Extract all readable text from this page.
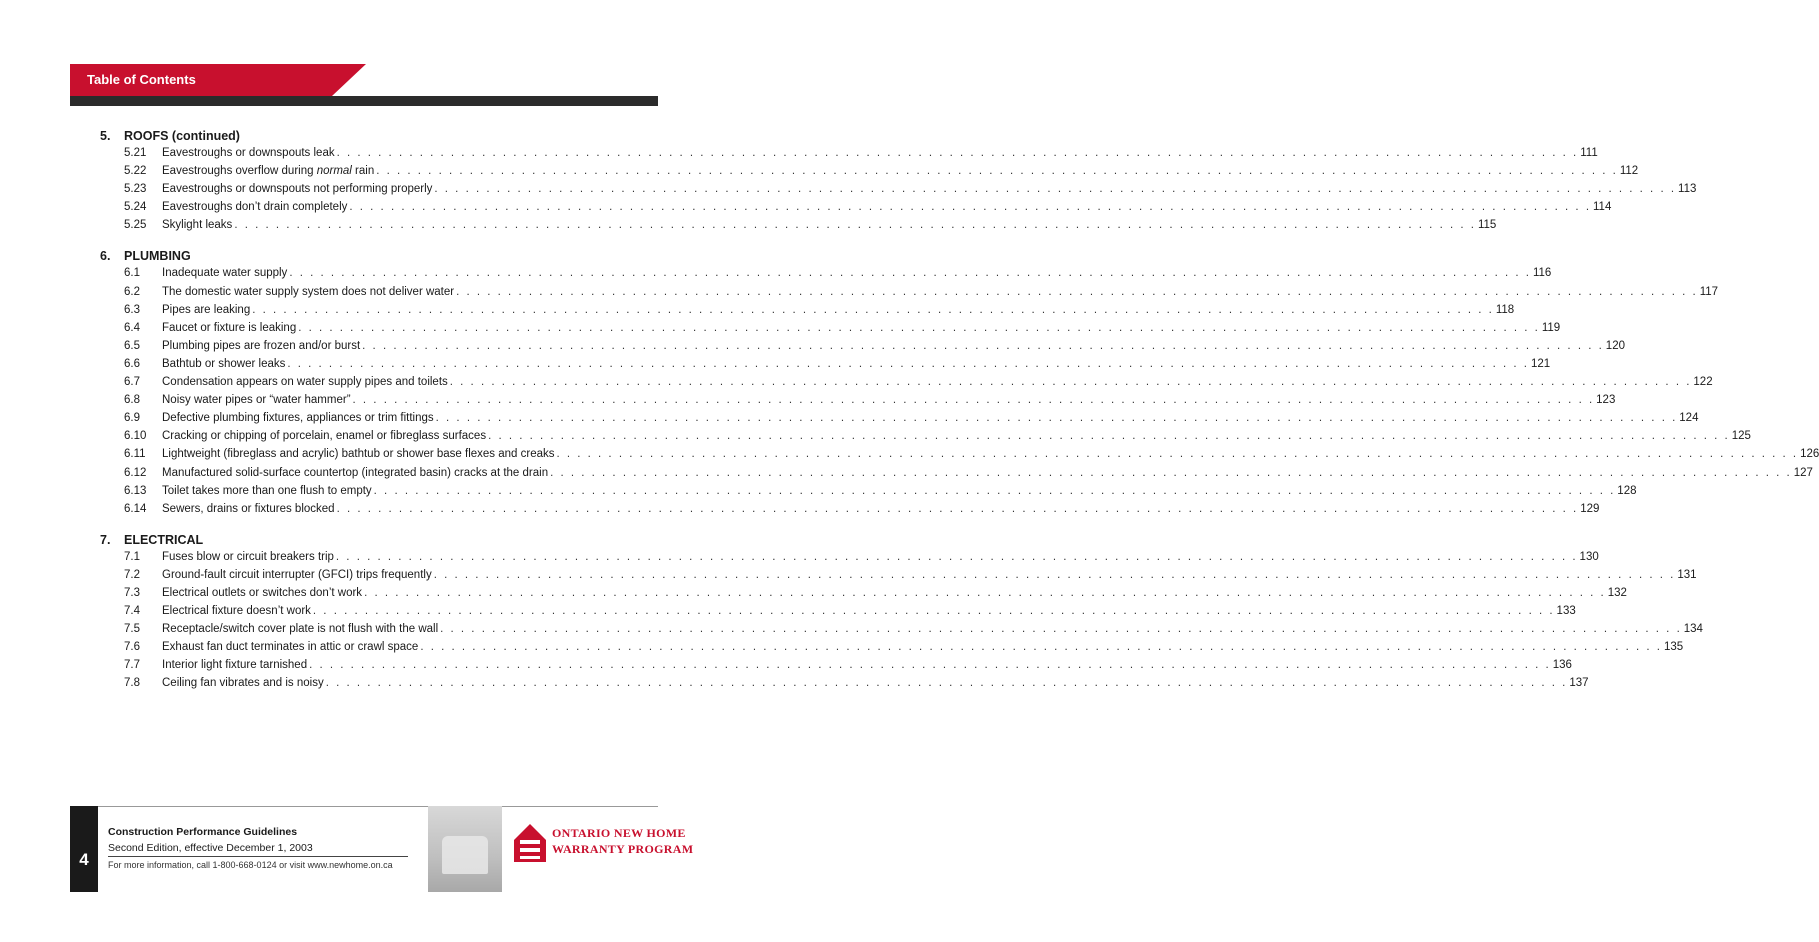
Table of Contents
5.	ROOFS (continued)
5.21	Eavestroughs or downspouts leak . . . . . . . . . . . . . . . . . . . . . . . . . . . . . . . . . . . . . . . . . . . . . . . . . . . . . . . . . . . . . . . . . . . . . . . . . . . . . . . . . . . . . . . . . . . . . . . . . . . . . . . . . . . . . . . . . . . . . . . . 111
5.22	Eavestroughs overflow during normal rain . . . . . . . . . . . . . . . . . . . . . . . . . . . . . . . . . . . . . . . . . . . . . . . . . . . . . . . . . . . . . . . . . . . . . . . . . . . . . . . . . . . . . . . . . . . . . . . . . . . . . . . . . . . . . . . . . . . . . . . . 112
5.23	Eavestroughs or downspouts not performing properly . . . . . . . . . . . . . . . . . . . . . . . . . . . . . . . . . . . . . . . . . . . . . . . . . . . . . . . . . . . . . . . . . . . . . . . . . . . . . . . . . . . . . . . . . . . . . . . . . . . . . . . . . . . . . . . . . . . . . . . . 113
5.24	Eavestroughs don’t drain completely . . . . . . . . . . . . . . . . . . . . . . . . . . . . . . . . . . . . . . . . . . . . . . . . . . . . . . . . . . . . . . . . . . . . . . . . . . . . . . . . . . . . . . . . . . . . . . . . . . . . . . . . . . . . . . . . . . . . . . . . 114
5.25	Skylight leaks . . . . . . . . . . . . . . . . . . . . . . . . . . . . . . . . . . . . . . . . . . . . . . . . . . . . . . . . . . . . . . . . . . . . . . . . . . . . . . . . . . . . . . . . . . . . . . . . . . . . . . . . . . . . . . . . . . . . . . . . 115
6.	PLUMBING
6.1	Inadequate water supply . . . . . . . . . . . . . . . . . . . . . . . . . . . . . . . . . . . . . . . . . . . . . . . . . . . . . . . . . . . . . . . . . . . . . . . . . . . . . . . . . . . . . . . . . . . . . . . . . . . . . . . . . . . . . . . . . . . . . . . . 116
6.2	The domestic water supply system does not deliver water . . . . . . . . . . . . . . . . . . . . . . . . . . . . . . . . . . . . . . . . . . . . . . . . . . . . . . . . . . . . . . . . . . . . . . . . . . . . . . . . . . . . . . . . . . . . . . . . . . . . . . . . . . . . . . . . . . . . . . . . 117
6.3	Pipes are leaking . . . . . . . . . . . . . . . . . . . . . . . . . . . . . . . . . . . . . . . . . . . . . . . . . . . . . . . . . . . . . . . . . . . . . . . . . . . . . . . . . . . . . . . . . . . . . . . . . . . . . . . . . . . . . . . . . . . . . . . . 118
6.4	Faucet or fixture is leaking . . . . . . . . . . . . . . . . . . . . . . . . . . . . . . . . . . . . . . . . . . . . . . . . . . . . . . . . . . . . . . . . . . . . . . . . . . . . . . . . . . . . . . . . . . . . . . . . . . . . . . . . . . . . . . . . . . . . . . . . 119
6.5	Plumbing pipes are frozen and/or burst . . . . . . . . . . . . . . . . . . . . . . . . . . . . . . . . . . . . . . . . . . . . . . . . . . . . . . . . . . . . . . . . . . . . . . . . . . . . . . . . . . . . . . . . . . . . . . . . . . . . . . . . . . . . . . . . . . . . . . . . 120
6.6	Bathtub or shower leaks . . . . . . . . . . . . . . . . . . . . . . . . . . . . . . . . . . . . . . . . . . . . . . . . . . . . . . . . . . . . . . . . . . . . . . . . . . . . . . . . . . . . . . . . . . . . . . . . . . . . . . . . . . . . . . . . . . . . . . . . 121
6.7	Condensation appears on water supply pipes and toilets . . . . . . . . . . . . . . . . . . . . . . . . . . . . . . . . . . . . . . . . . . . . . . . . . . . . . . . . . . . . . . . . . . . . . . . . . . . . . . . . . . . . . . . . . . . . . . . . . . . . . . . . . . . . . . . . . . . . . . . . 122
6.8	Noisy water pipes or “water hammer” . . . . . . . . . . . . . . . . . . . . . . . . . . . . . . . . . . . . . . . . . . . . . . . . . . . . . . . . . . . . . . . . . . . . . . . . . . . . . . . . . . . . . . . . . . . . . . . . . . . . . . . . . . . . . . . . . . . . . . . . 123
6.9	Defective plumbing fixtures, appliances or trim fittings . . . . . . . . . . . . . . . . . . . . . . . . . . . . . . . . . . . . . . . . . . . . . . . . . . . . . . . . . . . . . . . . . . . . . . . . . . . . . . . . . . . . . . . . . . . . . . . . . . . . . . . . . . . . . . . . . . . . . . . . 124
6.10	Cracking or chipping of porcelain, enamel or fibreglass surfaces . . . . . . . . . . . . . . . . . . . . . . . . . . . . . . . . . . . . . . . . . . . . . . . . . . . . . . . . . . . . . . . . . . . . . . . . . . . . . . . . . . . . . . . . . . . . . . . . . . . . . . . . . . . . . . . . . . . . . . . . 125
6.11	Lightweight (fibreglass and acrylic) bathtub or shower base flexes and creaks . . . . . . . . . . . . . . . . . . . . . . . . . . . . . . . . . . . . . . . . . . . . . . . . . . . . . . . . . . . . . . . . . . . . . . . . . . . . . . . . . . . . . . . . . . . . . . . . . . . . . . . . . . . . . . . . . . . . . . . . 126
6.12	Manufactured solid-surface countertop (integrated basin) cracks at the drain . . . . . . . . . . . . . . . . . . . . . . . . . . . . . . . . . . . . . . . . . . . . . . . . . . . . . . . . . . . . . . . . . . . . . . . . . . . . . . . . . . . . . . . . . . . . . . . . . . . . . . . . . . . . . . . . . . . . . . . . 127
6.13	Toilet takes more than one flush to empty . . . . . . . . . . . . . . . . . . . . . . . . . . . . . . . . . . . . . . . . . . . . . . . . . . . . . . . . . . . . . . . . . . . . . . . . . . . . . . . . . . . . . . . . . . . . . . . . . . . . . . . . . . . . . . . . . . . . . . . . 128
6.14	Sewers, drains or fixtures blocked . . . . . . . . . . . . . . . . . . . . . . . . . . . . . . . . . . . . . . . . . . . . . . . . . . . . . . . . . . . . . . . . . . . . . . . . . . . . . . . . . . . . . . . . . . . . . . . . . . . . . . . . . . . . . . . . . . . . . . . . 129
7.	ELECTRICAL
7.1	Fuses blow or circuit breakers trip . . . . . . . . . . . . . . . . . . . . . . . . . . . . . . . . . . . . . . . . . . . . . . . . . . . . . . . . . . . . . . . . . . . . . . . . . . . . . . . . . . . . . . . . . . . . . . . . . . . . . . . . . . . . . . . . . . . . . . . . 130
7.2	Ground-fault circuit interrupter (GFCI) trips frequently . . . . . . . . . . . . . . . . . . . . . . . . . . . . . . . . . . . . . . . . . . . . . . . . . . . . . . . . . . . . . . . . . . . . . . . . . . . . . . . . . . . . . . . . . . . . . . . . . . . . . . . . . . . . . . . . . . . . . . . . 131
7.3	Electrical outlets or switches don’t work . . . . . . . . . . . . . . . . . . . . . . . . . . . . . . . . . . . . . . . . . . . . . . . . . . . . . . . . . . . . . . . . . . . . . . . . . . . . . . . . . . . . . . . . . . . . . . . . . . . . . . . . . . . . . . . . . . . . . . . . 132
7.4	Electrical fixture doesn’t work . . . . . . . . . . . . . . . . . . . . . . . . . . . . . . . . . . . . . . . . . . . . . . . . . . . . . . . . . . . . . . . . . . . . . . . . . . . . . . . . . . . . . . . . . . . . . . . . . . . . . . . . . . . . . . . . . . . . . . . . 133
7.5	Receptacle/switch cover plate is not flush with the wall . . . . . . . . . . . . . . . . . . . . . . . . . . . . . . . . . . . . . . . . . . . . . . . . . . . . . . . . . . . . . . . . . . . . . . . . . . . . . . . . . . . . . . . . . . . . . . . . . . . . . . . . . . . . . . . . . . . . . . . . 134
7.6	Exhaust fan duct terminates in attic or crawl space . . . . . . . . . . . . . . . . . . . . . . . . . . . . . . . . . . . . . . . . . . . . . . . . . . . . . . . . . . . . . . . . . . . . . . . . . . . . . . . . . . . . . . . . . . . . . . . . . . . . . . . . . . . . . . . . . . . . . . . . 135
7.7	Interior light fixture tarnished . . . . . . . . . . . . . . . . . . . . . . . . . . . . . . . . . . . . . . . . . . . . . . . . . . . . . . . . . . . . . . . . . . . . . . . . . . . . . . . . . . . . . . . . . . . . . . . . . . . . . . . . . . . . . . . . . . . . . . . . 136
7.8	Ceiling fan vibrates and is noisy . . . . . . . . . . . . . . . . . . . . . . . . . . . . . . . . . . . . . . . . . . . . . . . . . . . . . . . . . . . . . . . . . . . . . . . . . . . . . . . . . . . . . . . . . . . . . . . . . . . . . . . . . . . . . . . . . . . . . . . . 137
4
Construction Performance Guidelines
Second Edition, effective December 1, 2003
For more information, call 1-800-668-0124 or visit www.newhome.on.ca
ONTARIO NEW HOME
WARRANTY PROGRAM
